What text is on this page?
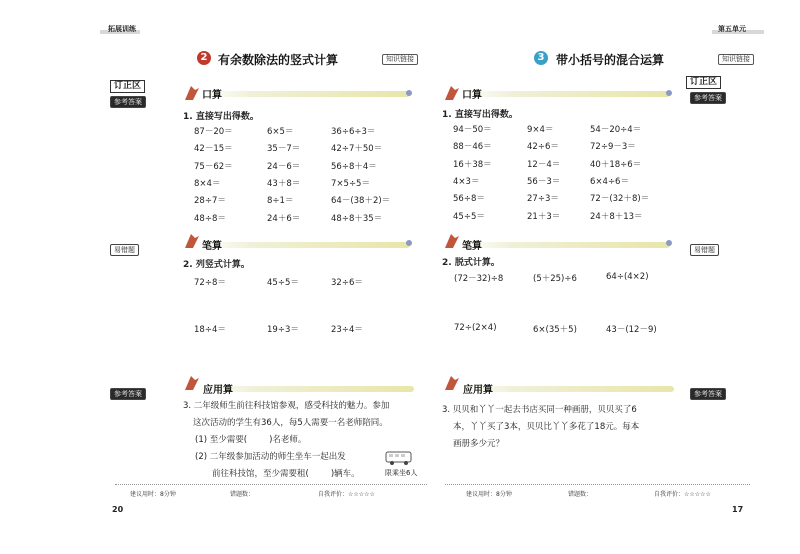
拓展训练
2 有余数除法的竖式计算	知识链接
订正区
参考答案
口算
1. 直接写出得数。
87－20＝	6×5＝	36÷6÷3＝
42－15＝	35－7＝	42÷7＋50＝
75－62＝	24－6＝	56÷8＋4＝
8×4＝	43＋8＝	7×5÷5＝
28÷7＝	8÷1＝	64－(38＋2)＝
48÷8＝	24＋6＝	48÷8＋35＝
易错题	笔算
2. 列竖式计算。
72÷8＝	45÷5＝	32÷6＝
18÷4＝	19÷3＝	23÷4＝
参考答案	应用算
3. 二年级师生前往科技馆参观，感受科技的魅力。参加
这次活动的学生有36人，每5人需要一名老师陪同。
(1) 至少需要(	)名老师。
(2) 二年级参加活动的师生坐车一起出发
前往科技馆，至少需要租(	)辆车。	限乘坐6人
建议用时：8分钟	错题数：	自我评价：☆☆☆☆☆
20
第五单元
3 带小括号的混合运算	知识链接
订正区
参考答案
口算
1. 直接写出得数。
94－50＝	9×4＝	54－20÷4＝
88－46＝	42÷6＝	72÷9－3＝
16＋38＝	12－4＝	40＋18÷6＝
4×3＝	56－3＝	6×4÷6＝
56÷8＝	27÷3＝	72－(32＋8)＝
45÷5＝	21＋3＝	24＋8＋13＝
易错题
笔算
2. 脱式计算。
(72－32)÷8	(5＋25)÷6	64÷(4×2)
72÷(2×4)	6×(35＋5)	43－(12－9)
参考答案
应用算
3. 贝贝和丫丫一起去书店买同一种画册，贝贝买了6
本，丫丫买了3本，贝贝比丫丫多花了18元。每本
画册多少元？
建议用时：8分钟	错题数：	自我评价：☆☆☆☆☆
17
